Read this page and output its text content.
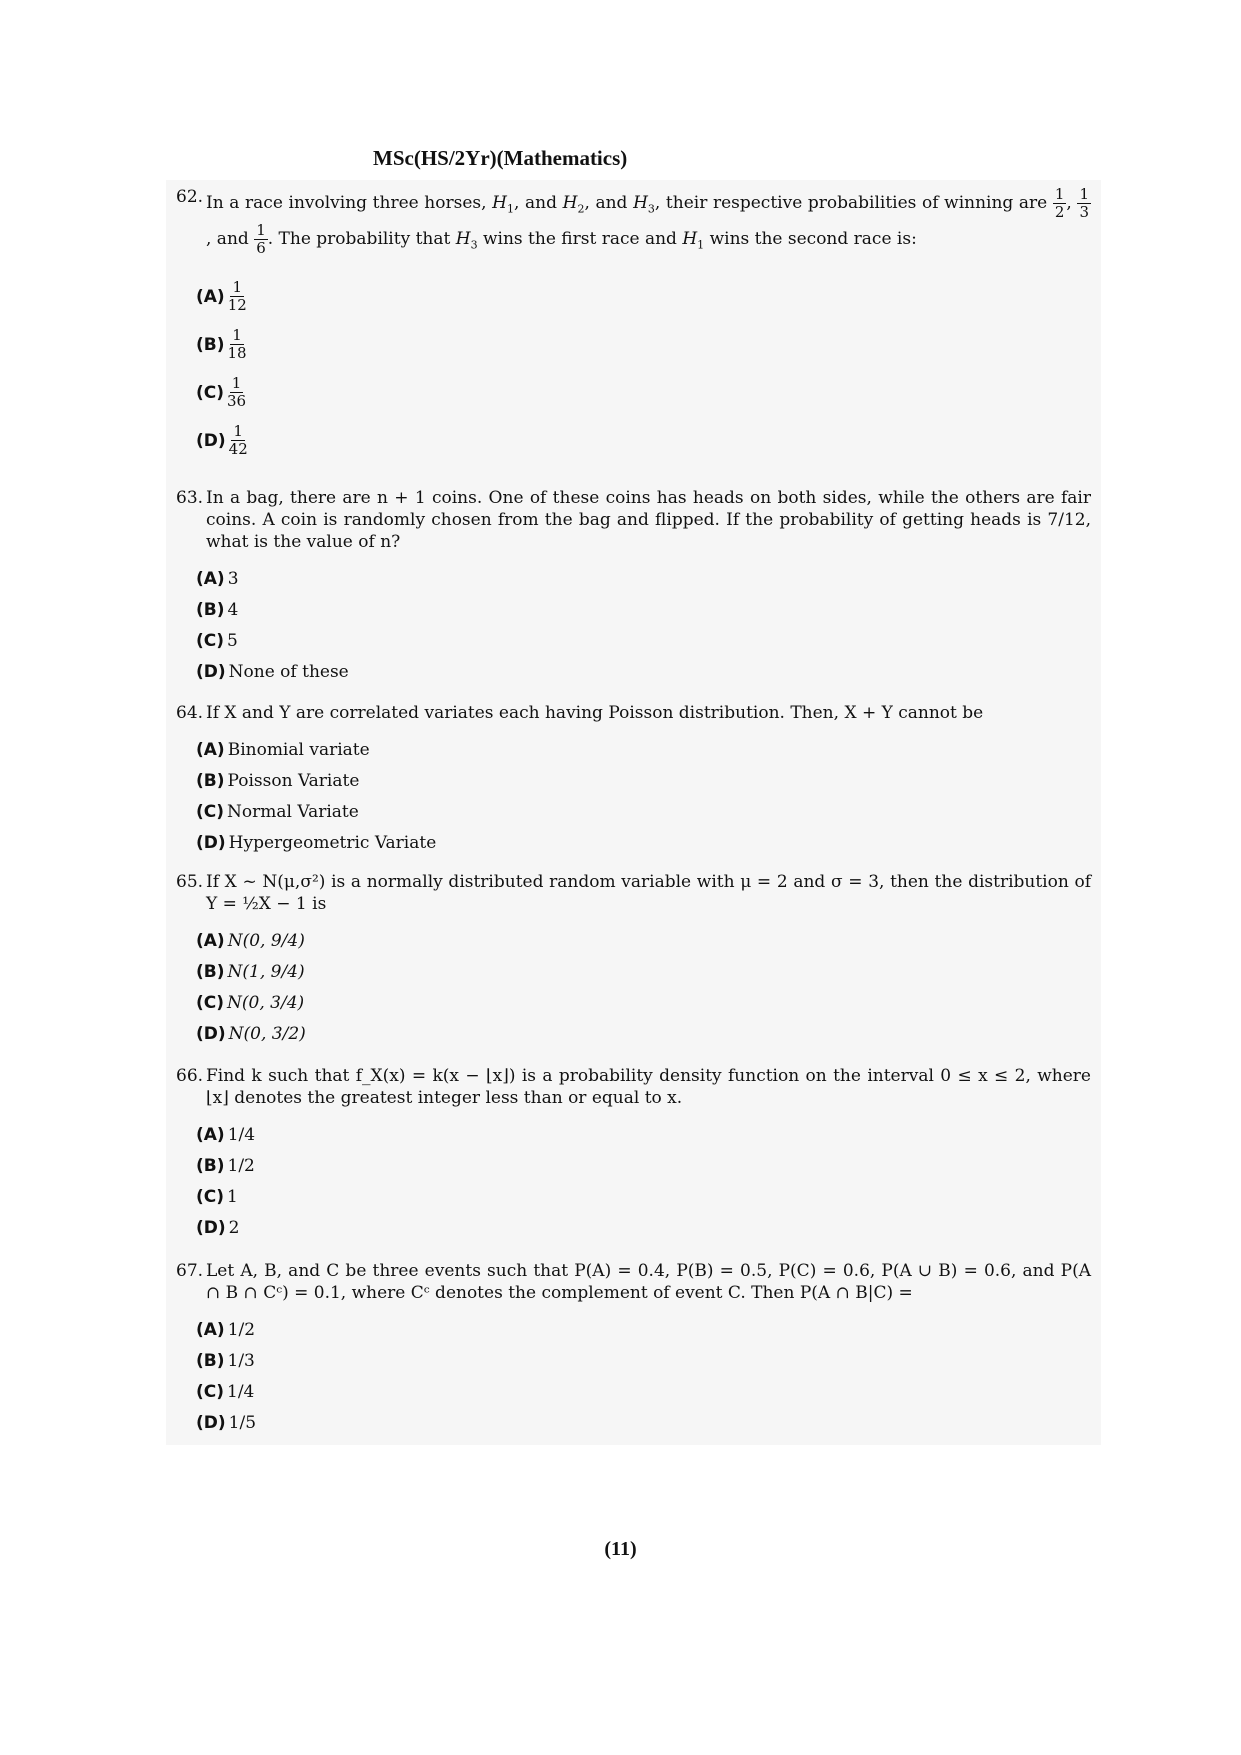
MSc(HS/2Yr)(Mathematics)
62. In a race involving three horses, $H_1$, and $H_2$, and $H_3$, their respective probabilities of winning are $\frac{1}{2}$ , $\frac{1}{3}$
, and $\frac{1}{6}$ . The probability that $H_3$ wins the first race and $H_1$ wins the second race is:
(A) 1
12
(B) 1
18
(C) 1
36
(D) 1
42
63. In a bag, there are n + 1 coins. One of these coins has heads on both sides, while the others are fair coins. A coin is randomly chosen from the bag and flipped. If the probability of getting heads is 7/12, what is the value of n?
(A) 3
(B) 4
(C) 5
(D) None of these
64. If X and Y are correlated variates each having Poisson distribution. Then, X + Y cannot be
(A) Binomial variate
(B) Poisson Variate
(C) Normal Variate
(D) Hypergeometric Variate
65. If X ~ N(μ,σ²) is a normally distributed random variable with μ = 2 and σ = 3, then the distribution of Y = ½X − 1 is
(A) N(0, 9/4)
(B) N(1, 9/4)
(C) N(0, 3/4)
(D) N(0, 3/2)
66. Find k such that f_X(x) = k(x − ⌊x⌋) is a probability density function on the interval 0 ≤ x ≤ 2, where ⌊x⌋ denotes the greatest integer less than or equal to x.
(A) 1/4
(B) 1/2
(C) 1
(D) 2
67. Let A, B, and C be three events such that P(A) = 0.4, P(B) = 0.5, P(C) = 0.6, P(A ∪ B) = 0.6, and P(A ∩ B ∩ Cᶜ) = 0.1, where Cᶜ denotes the complement of event C. Then P(A ∩ B|C) =
(A) 1/2
(B) 1/3
(C) 1/4
(D) 1/5
(11)
